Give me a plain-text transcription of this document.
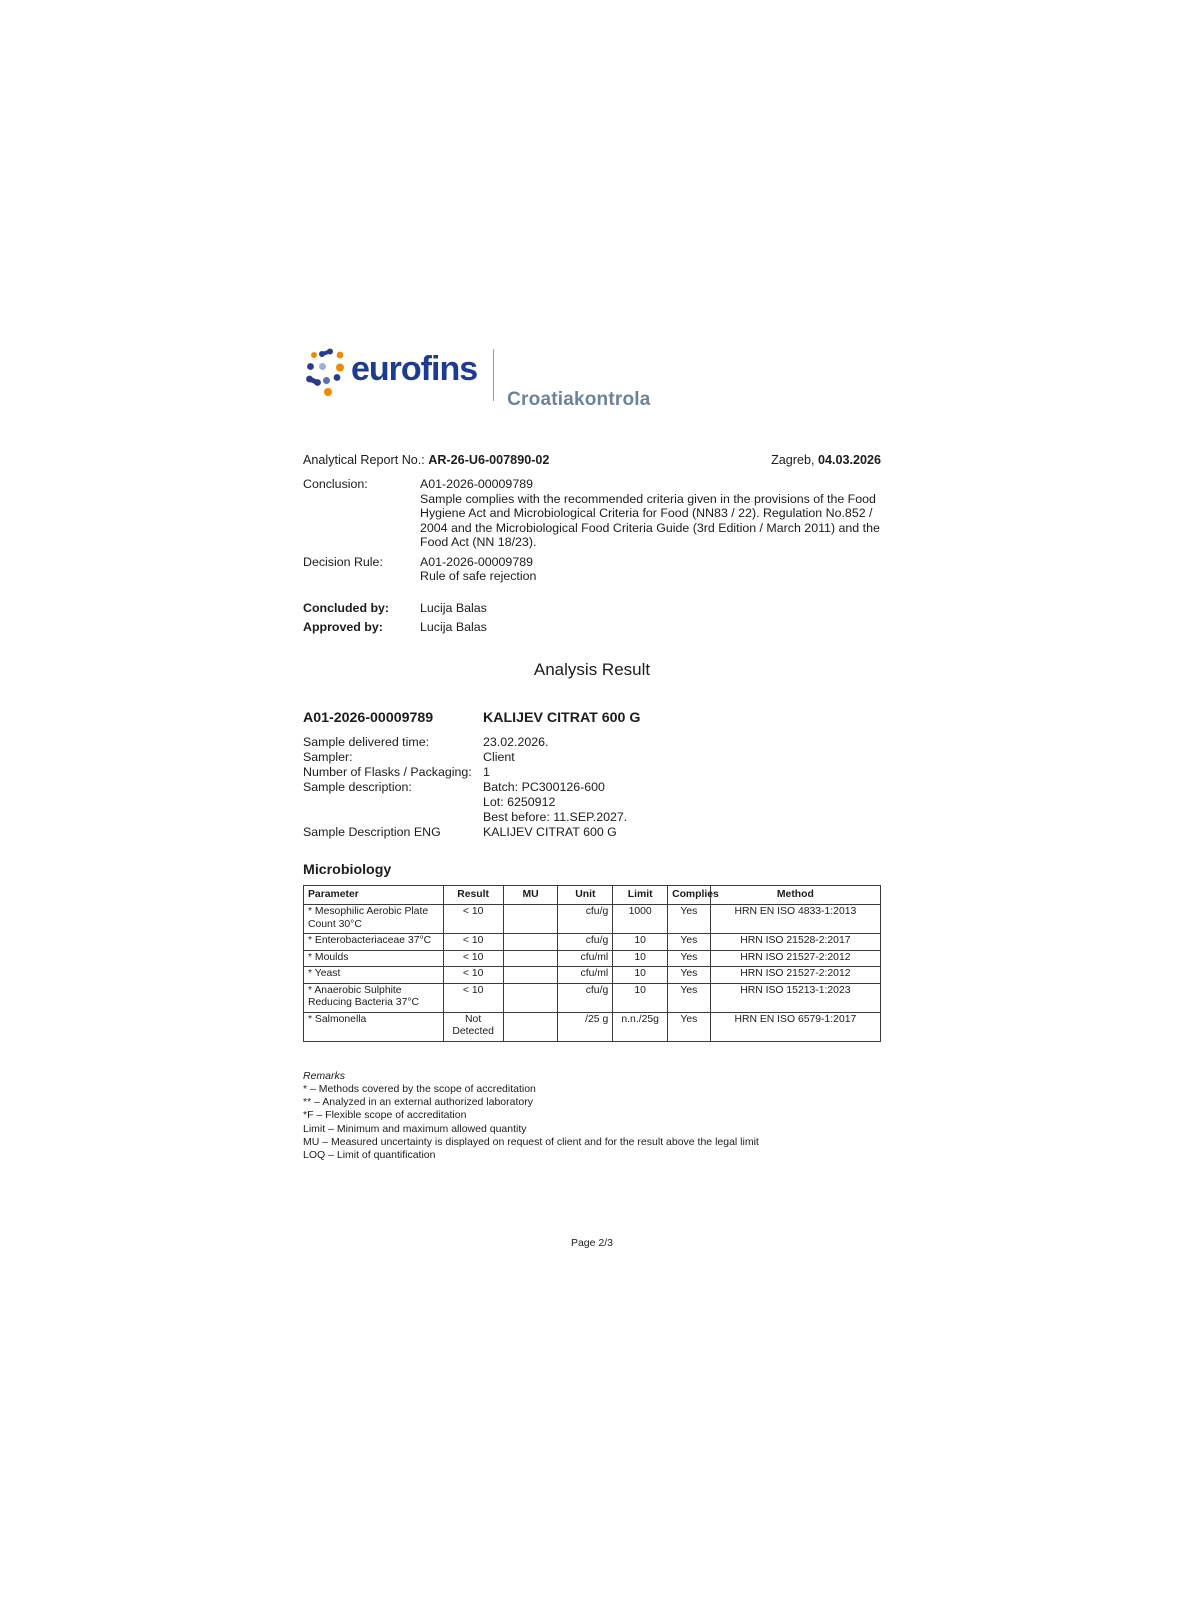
eurofins
Croatiakontrola
Analytical Report No.: AR-26-U6-007890-02	Zagreb, 04.03.2026
Conclusion:	A01-2026-00009789
Sample complies with the recommended criteria given in the provisions of the Food Hygiene Act and Microbiological Criteria for Food (NN83 / 22). Regulation No.852 / 2004 and the Microbiological Food Criteria Guide (3rd Edition / March 2011) and the Food Act (NN 18/23).
Decision Rule:	A01-2026-00009789
Rule of safe rejection
Concluded by:	Lucija Balas
Approved by:	Lucija Balas
Analysis Result
A01-2026-00009789	KALIJEV CITRAT 600 G
Sample delivered time:	23.02.2026.
Sampler:	Client
Number of Flasks / Packaging: 1
Sample description:	Batch: PC300126-600
Lot: 6250912
Best before: 11.SEP.2027.
Sample Description ENG	KALIJEV CITRAT 600 G
Microbiology
Parameter	Result	MU	Unit	Limit	Complies	Method
* Mesophilic Aerobic Plate Count 30°C	< 10		cfu/g	1000	Yes	HRN EN ISO 4833-1:2013
* Enterobacteriaceae 37°C	< 10		cfu/g	10	Yes	HRN ISO 21528-2:2017
* Moulds	< 10		cfu/ml	10	Yes	HRN ISO 21527-2:2012
* Yeast	< 10		cfu/ml	10	Yes	HRN ISO 21527-2:2012
* Anaerobic Sulphite Reducing Bacteria 37°C	< 10		cfu/g	10	Yes	HRN ISO 15213-1:2023
* Salmonella	Not Detected		/25 g	n.n./25g	Yes	HRN EN ISO 6579-1:2017
Remarks
* – Methods covered by the scope of accreditation
** – Analyzed in an external authorized laboratory
*F – Flexible scope of accreditation
Limit – Minimum and maximum allowed quantity
MU – Measured uncertainty is displayed on request of client and for the result above the legal limit
LOQ – Limit of quantification
Page 2/3
